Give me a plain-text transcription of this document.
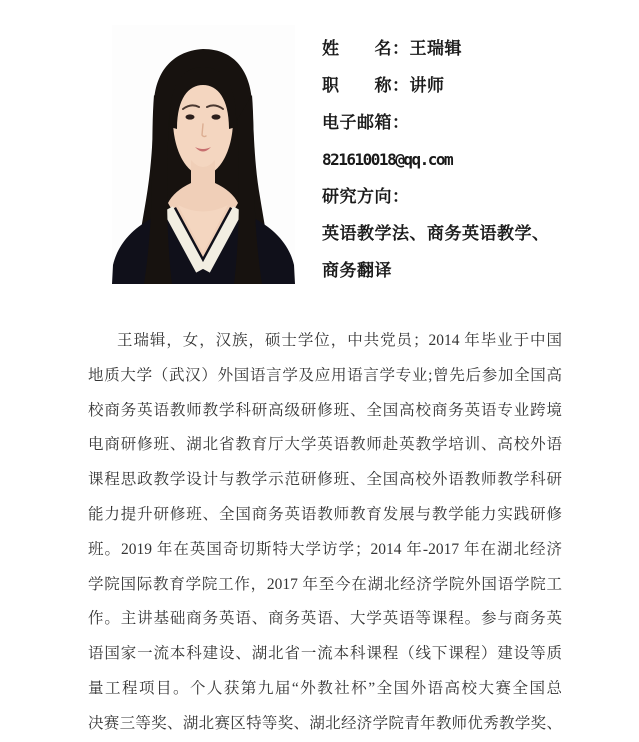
姓　　名：王瑞辑
职　　称：讲师
电子邮箱：
821610018@qq.com
研究方向：
英语教学法、商务英语教学、
商务翻译
王瑞辑，女，汉族，硕士学位，中共党员；2014 年毕业于中国
地质大学（武汉）外国语言学及应用语言学专业;曾先后参加全国高
校商务英语教师教学科研高级研修班、全国高校商务英语专业跨境
电商研修班、湖北省教育厅大学英语教师赴英教学培训、高校外语
课程思政教学设计与教学示范研修班、全国高校外语教师教学科研
能力提升研修班、全国商务英语教师教育发展与教学能力实践研修
班。2019 年在英国奇切斯特大学访学；2014 年-2017 年在湖北经济
学院国际教育学院工作，2017 年至今在湖北经济学院外国语学院工
作。主讲基础商务英语、商务英语、大学英语等课程。参与商务英
语国家一流本科建设、湖北省一流本科课程（线下课程）建设等质
量工程项目。个人获第九届“外教社杯”全国外语高校大赛全国总
决赛三等奖、湖北赛区特等奖、湖北经济学院青年教师优秀教学奖、
